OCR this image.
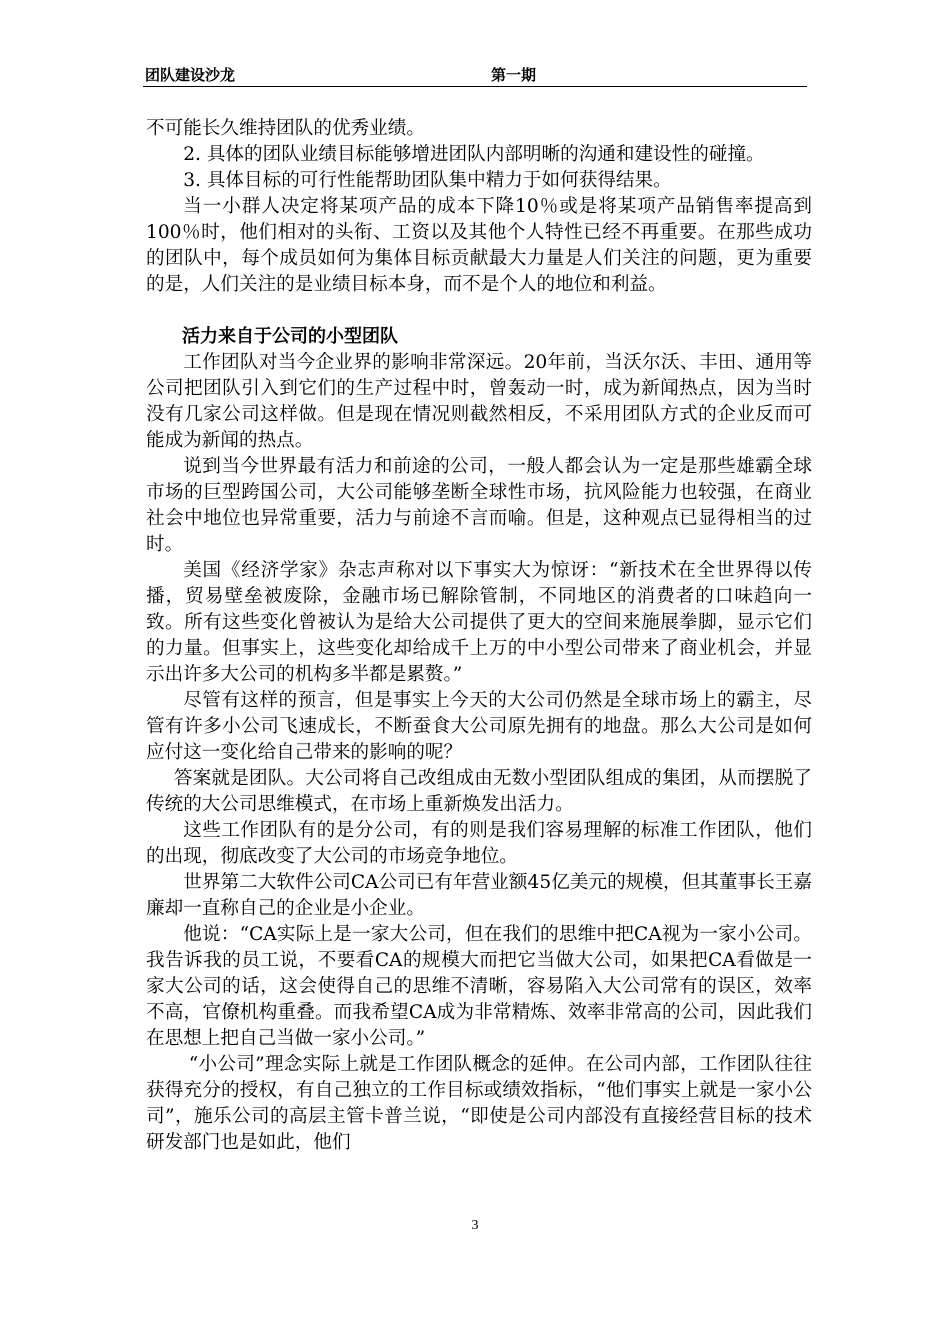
团队建设沙龙	第一期

不可能长久维持团队的优秀业绩。

2. 具体的团队业绩目标能够增进团队内部明晰的沟通和建设性的碰撞。

3. 具体目标的可行性能帮助团队集中精力于如何获得结果。

当一小群人决定将某项产品的成本下降10％或是将某项产品销售率提高到100％时，他们相对的头衔、工资以及其他个人特性已经不再重要。在那些成功的团队中，每个成员如何为集体目标贡献最大力量是人们关注的问题，更为重要的是，人们关注的是业绩目标本身，而不是个人的地位和利益。

活力来自于公司的小型团队

工作团队对当今企业界的影响非常深远。20年前，当沃尔沃、丰田、通用等公司把团队引入到它们的生产过程中时，曾轰动一时，成为新闻热点，因为当时没有几家公司这样做。但是现在情况则截然相反，不采用团队方式的企业反而可能成为新闻的热点。

说到当今世界最有活力和前途的公司，一般人都会认为一定是那些雄霸全球市场的巨型跨国公司，大公司能够垄断全球性市场，抗风险能力也较强，在商业社会中地位也异常重要，活力与前途不言而喻。但是，这种观点已显得相当的过时。

美国《经济学家》杂志声称对以下事实大为惊讶：“新技术在全世界得以传播，贸易壁垒被废除，金融市场已解除管制，不同地区的消费者的口味趋向一致。所有这些变化曾被认为是给大公司提供了更大的空间来施展拳脚，显示它们的力量。但事实上，这些变化却给成千上万的中小型公司带来了商业机会，并显示出许多大公司的机构多半都是累赘。”

尽管有这样的预言，但是事实上今天的大公司仍然是全球市场上的霸主，尽管有许多小公司飞速成长，不断蚕食大公司原先拥有的地盘。那么大公司是如何应付这一变化给自己带来的影响的呢？

答案就是团队。大公司将自己改组成由无数小型团队组成的集团，从而摆脱了传统的大公司思维模式，在市场上重新焕发出活力。

这些工作团队有的是分公司，有的则是我们容易理解的标准工作团队，他们的出现，彻底改变了大公司的市场竞争地位。

世界第二大软件公司CA公司已有年营业额45亿美元的规模，但其董事长王嘉廉却一直称自己的企业是小企业。

他说：“CA实际上是一家大公司，但在我们的思维中把CA视为一家小公司。我告诉我的员工说，不要看CA的规模大而把它当做大公司，如果把CA看做是一家大公司的话，这会使得自己的思维不清晰，容易陷入大公司常有的误区，效率不高，官僚机构重叠。而我希望CA成为非常精炼、效率非常高的公司，因此我们在思想上把自己当做一家小公司。”

“小公司”理念实际上就是工作团队概念的延伸。在公司内部，工作团队往往获得充分的授权，有自己独立的工作目标或绩效指标，“他们事实上就是一家小公司”，施乐公司的高层主管卡普兰说，“即使是公司内部没有直接经营目标的技术研发部门也是如此，他们

3
